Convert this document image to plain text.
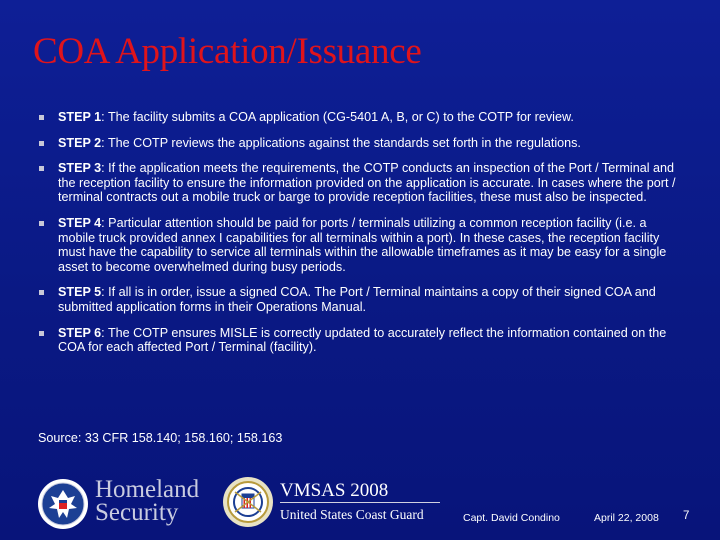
COA Application/Issuance
STEP 1: The facility submits a COA application (CG-5401 A, B, or C) to the COTP for review.
STEP 2: The COTP reviews the applications against the standards set forth in the regulations.
STEP 3: If the application meets the requirements, the COTP conducts an inspection of the Port / Terminal and the reception facility to ensure the information provided on the application is accurate. In cases where the port / terminal contracts out a mobile truck or barge to provide reception facilities, these must also be inspected.
STEP 4: Particular attention should be paid for ports / terminals utilizing a common reception facility (i.e. a mobile truck provided annex I capabilities for all terminals within a port). In these cases, the reception facility must have the capability to service all terminals within the allowable timeframes as it may be easy for a single asset to become overwhelmed during busy periods.
STEP 5: If all is in order, issue a signed COA. The Port / Terminal maintains a copy of their signed COA and submitted application forms in their Operations Manual.
STEP 6: The COTP ensures MISLE is correctly updated to accurately reflect the information contained on the COA for each affected Port / Terminal (facility).
Source: 33 CFR 158.140; 158.160; 158.163
Homeland
Security
VMSAS 2008
United States Coast Guard	Capt. David Condino	April 22, 2008 7
